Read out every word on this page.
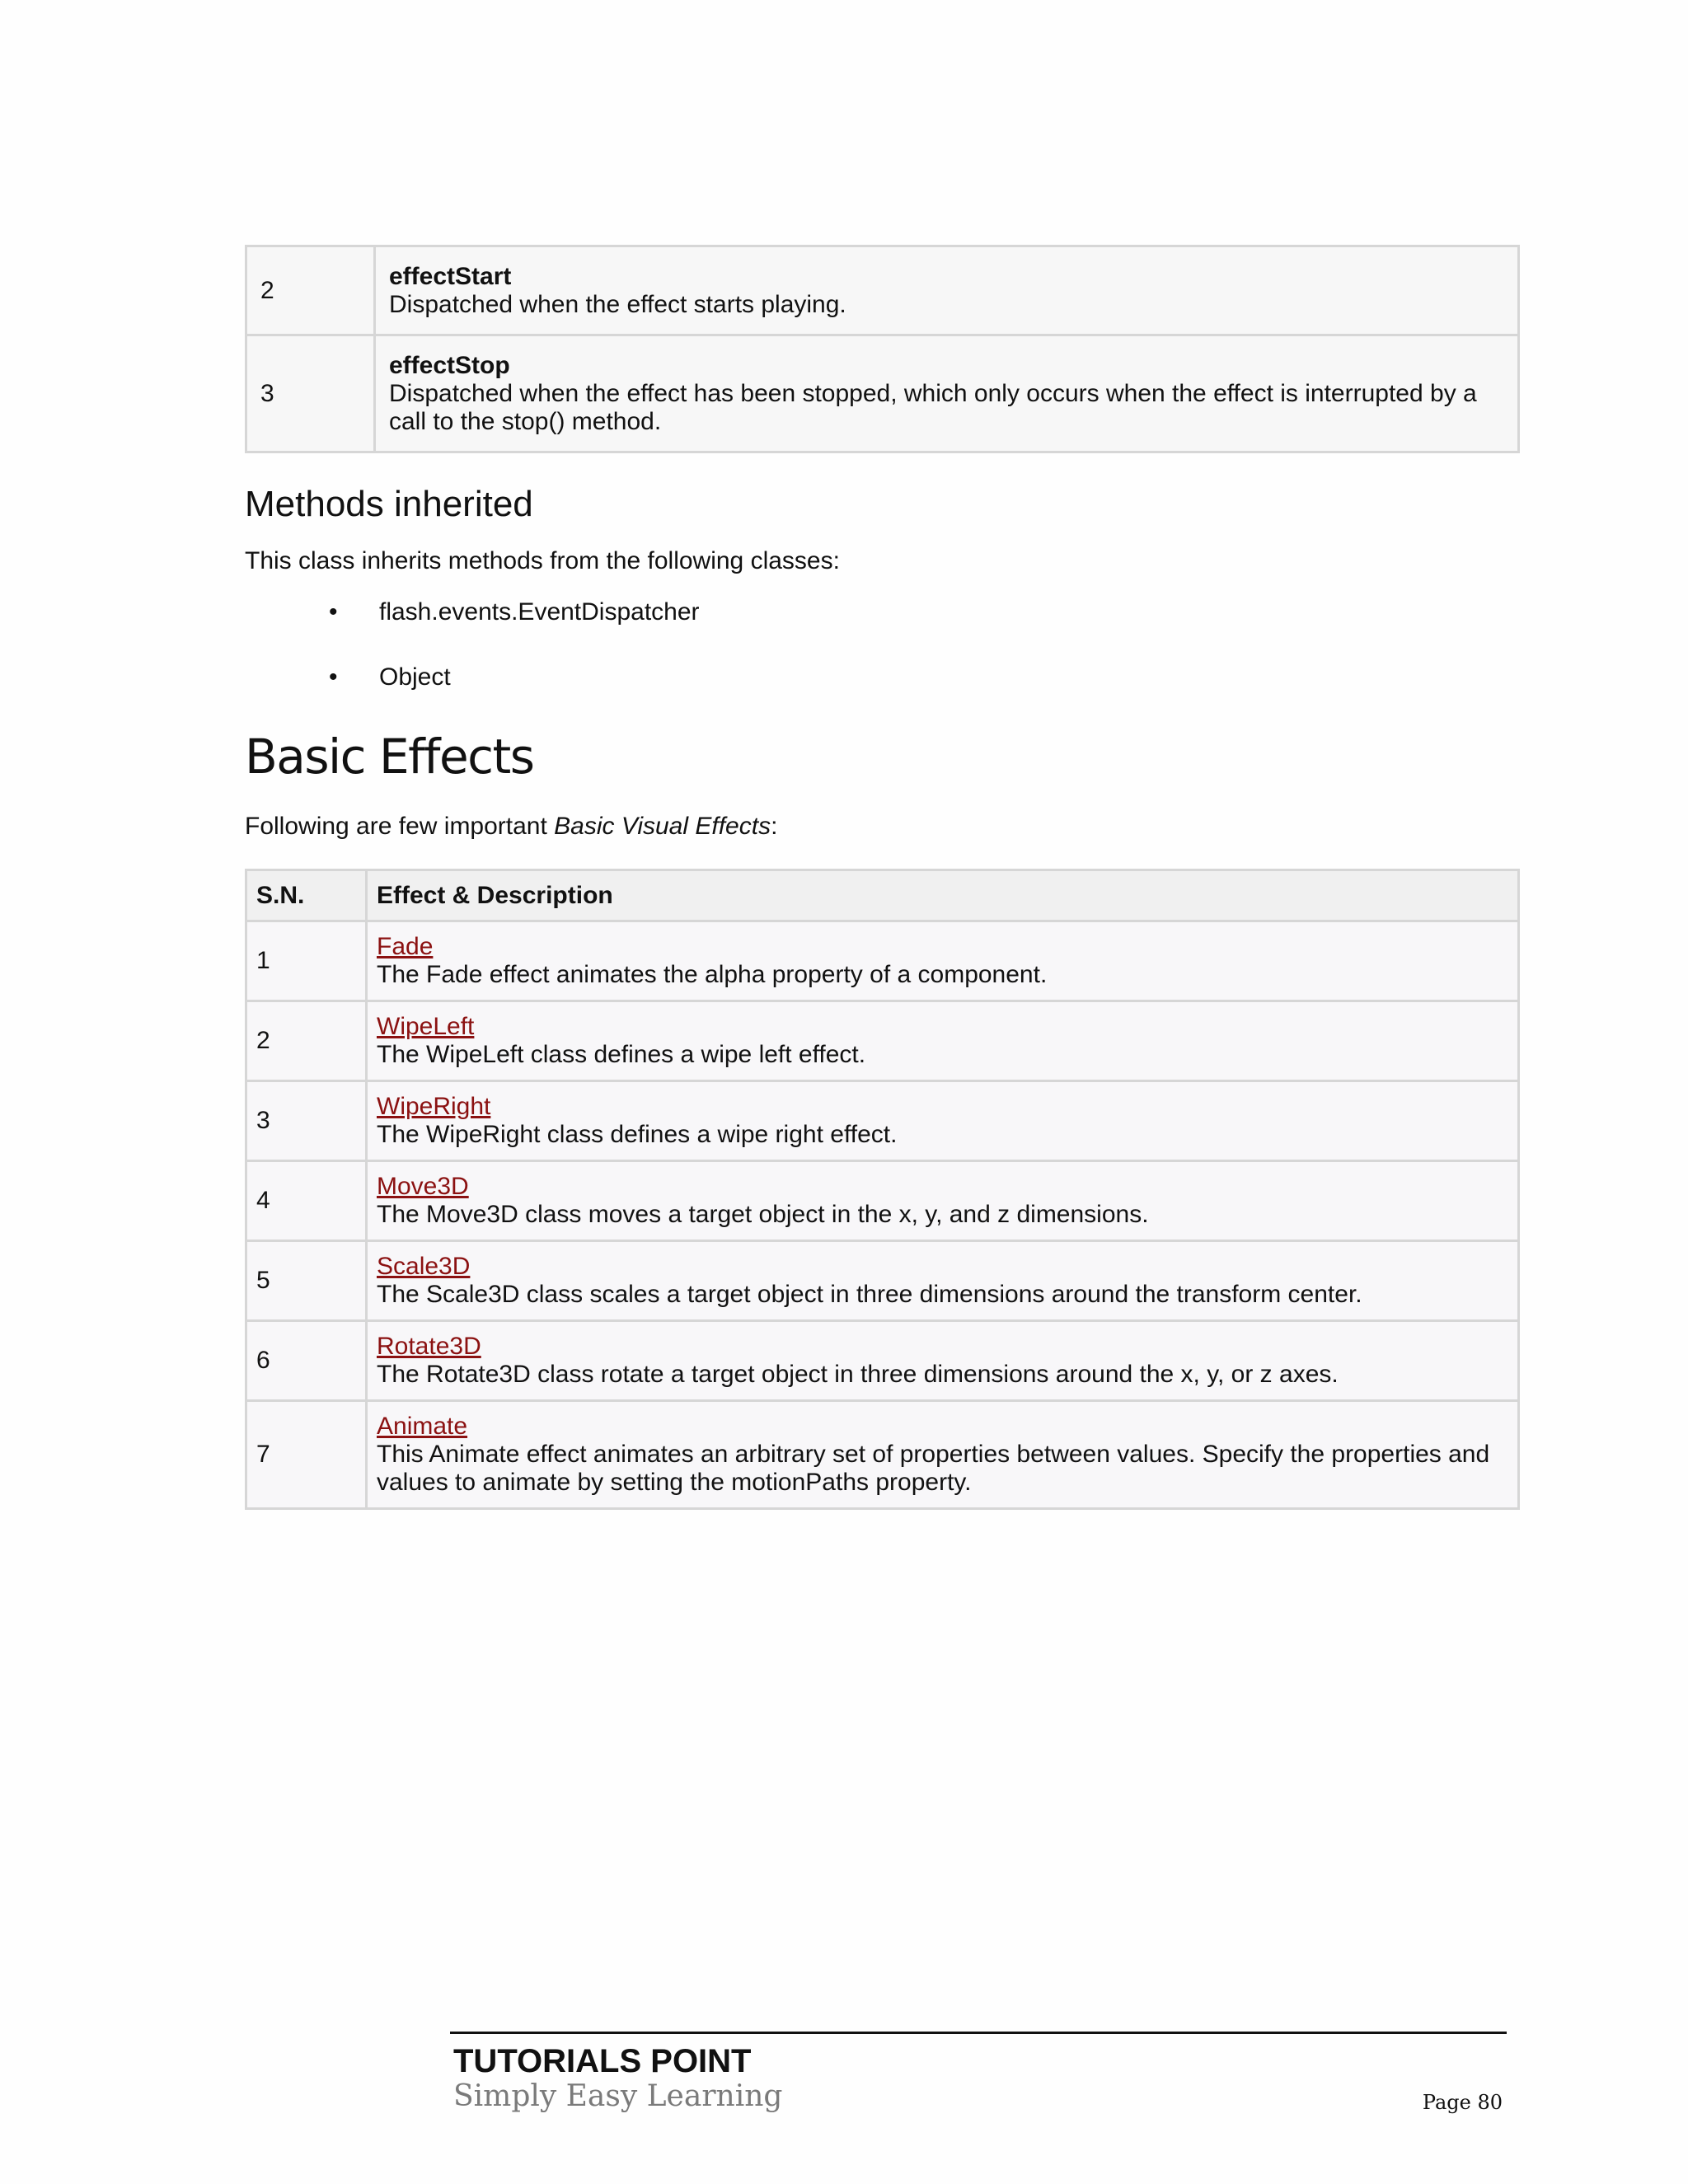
2	effectStart
Dispatched when the effect starts playing.

3	effectStop
Dispatched when the effect has been stopped, which only occurs when the effect is interrupted by a call to the stop() method.
Methods inherited

This class inherits methods from the following classes:

• flash.events.EventDispatcher
• Object
Basic Effects

Following are few important Basic Visual Effects:

S.N.	Effect & Description
1	Fade
The Fade effect animates the alpha property of a component.

2	WipeLeft
The WipeLeft class defines a wipe left effect.

3	WipeRight
The WipeRight class defines a wipe right effect.

4	Move3D
The Move3D class moves a target object in the x, y, and z dimensions.

5	Scale3D
The Scale3D class scales a target object in three dimensions around the transform center.

6	Rotate3D
The Rotate3D class rotate a target object in three dimensions around the x, y, or z axes.

7	Animate
This Animate effect animates an arbitrary set of properties between values. Specify the properties and values to animate by setting the motionPaths property.
TUTORIALS POINT
Simply Easy Learning	Page 80
